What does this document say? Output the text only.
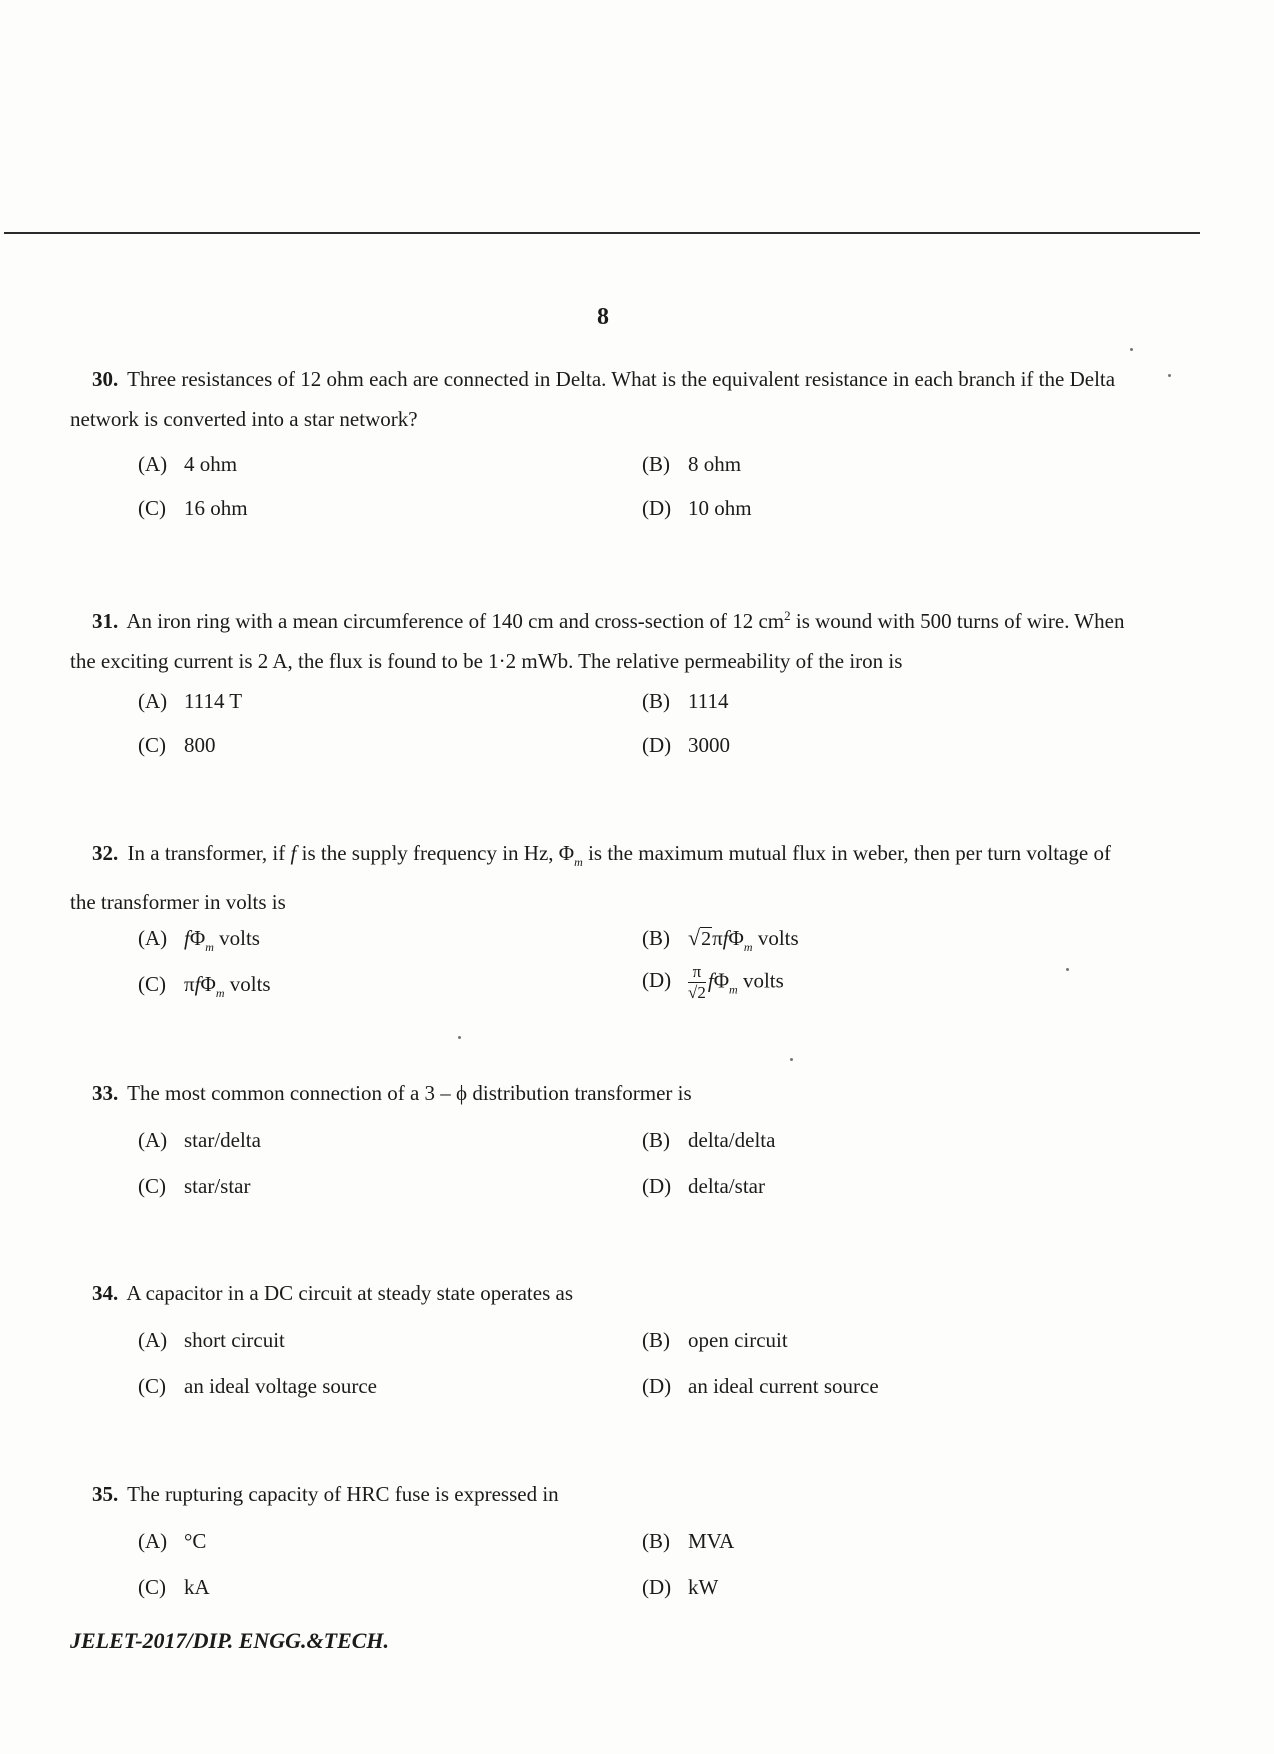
8
30. Three resistances of 12 ohm each are connected in Delta. What is the equivalent resistance in each branch if the Delta network is converted into a star network?
(A) 4 ohm	(B) 8 ohm
(C) 16 ohm	(D) 10 ohm
31. An iron ring with a mean circumference of 140 cm and cross-section of 12 $cm^2$ is wound with 500 turns of wire. When the exciting current is 2 A, the flux is found to be 1·2 mWb. The relative permeability of the iron is
(A) 1114 T	(B) 1114
(C) 800	(D) 3000
32. In a transformer, if f is the supply frequency in Hz, $\Phi_m$ is the maximum mutual flux in weber, then per turn voltage of the transformer in volts is
(A) $f\Phi_m$ volts	(B) √2πfΦ$_m$ volts
(C) πfΦ$_m$ volts	$(D) \frac{\pi}{√2} f\Phi_m$ volts
33. The most common connection of a 3 – ϕ distribution transformer is
(A) star/delta	(B) delta/delta
(C) star/star	(D) delta/star
34. A capacitor in a DC circuit at steady state operates as
(A) short circuit	(B) open circuit
(C) an ideal voltage source	(D) an ideal current source
35. The rupturing capacity of HRC fuse is expressed in
(A) °C	(B) MVA
(C) kA	(D) kW
JELET-2017/DIP. ENGG.&TECH.
